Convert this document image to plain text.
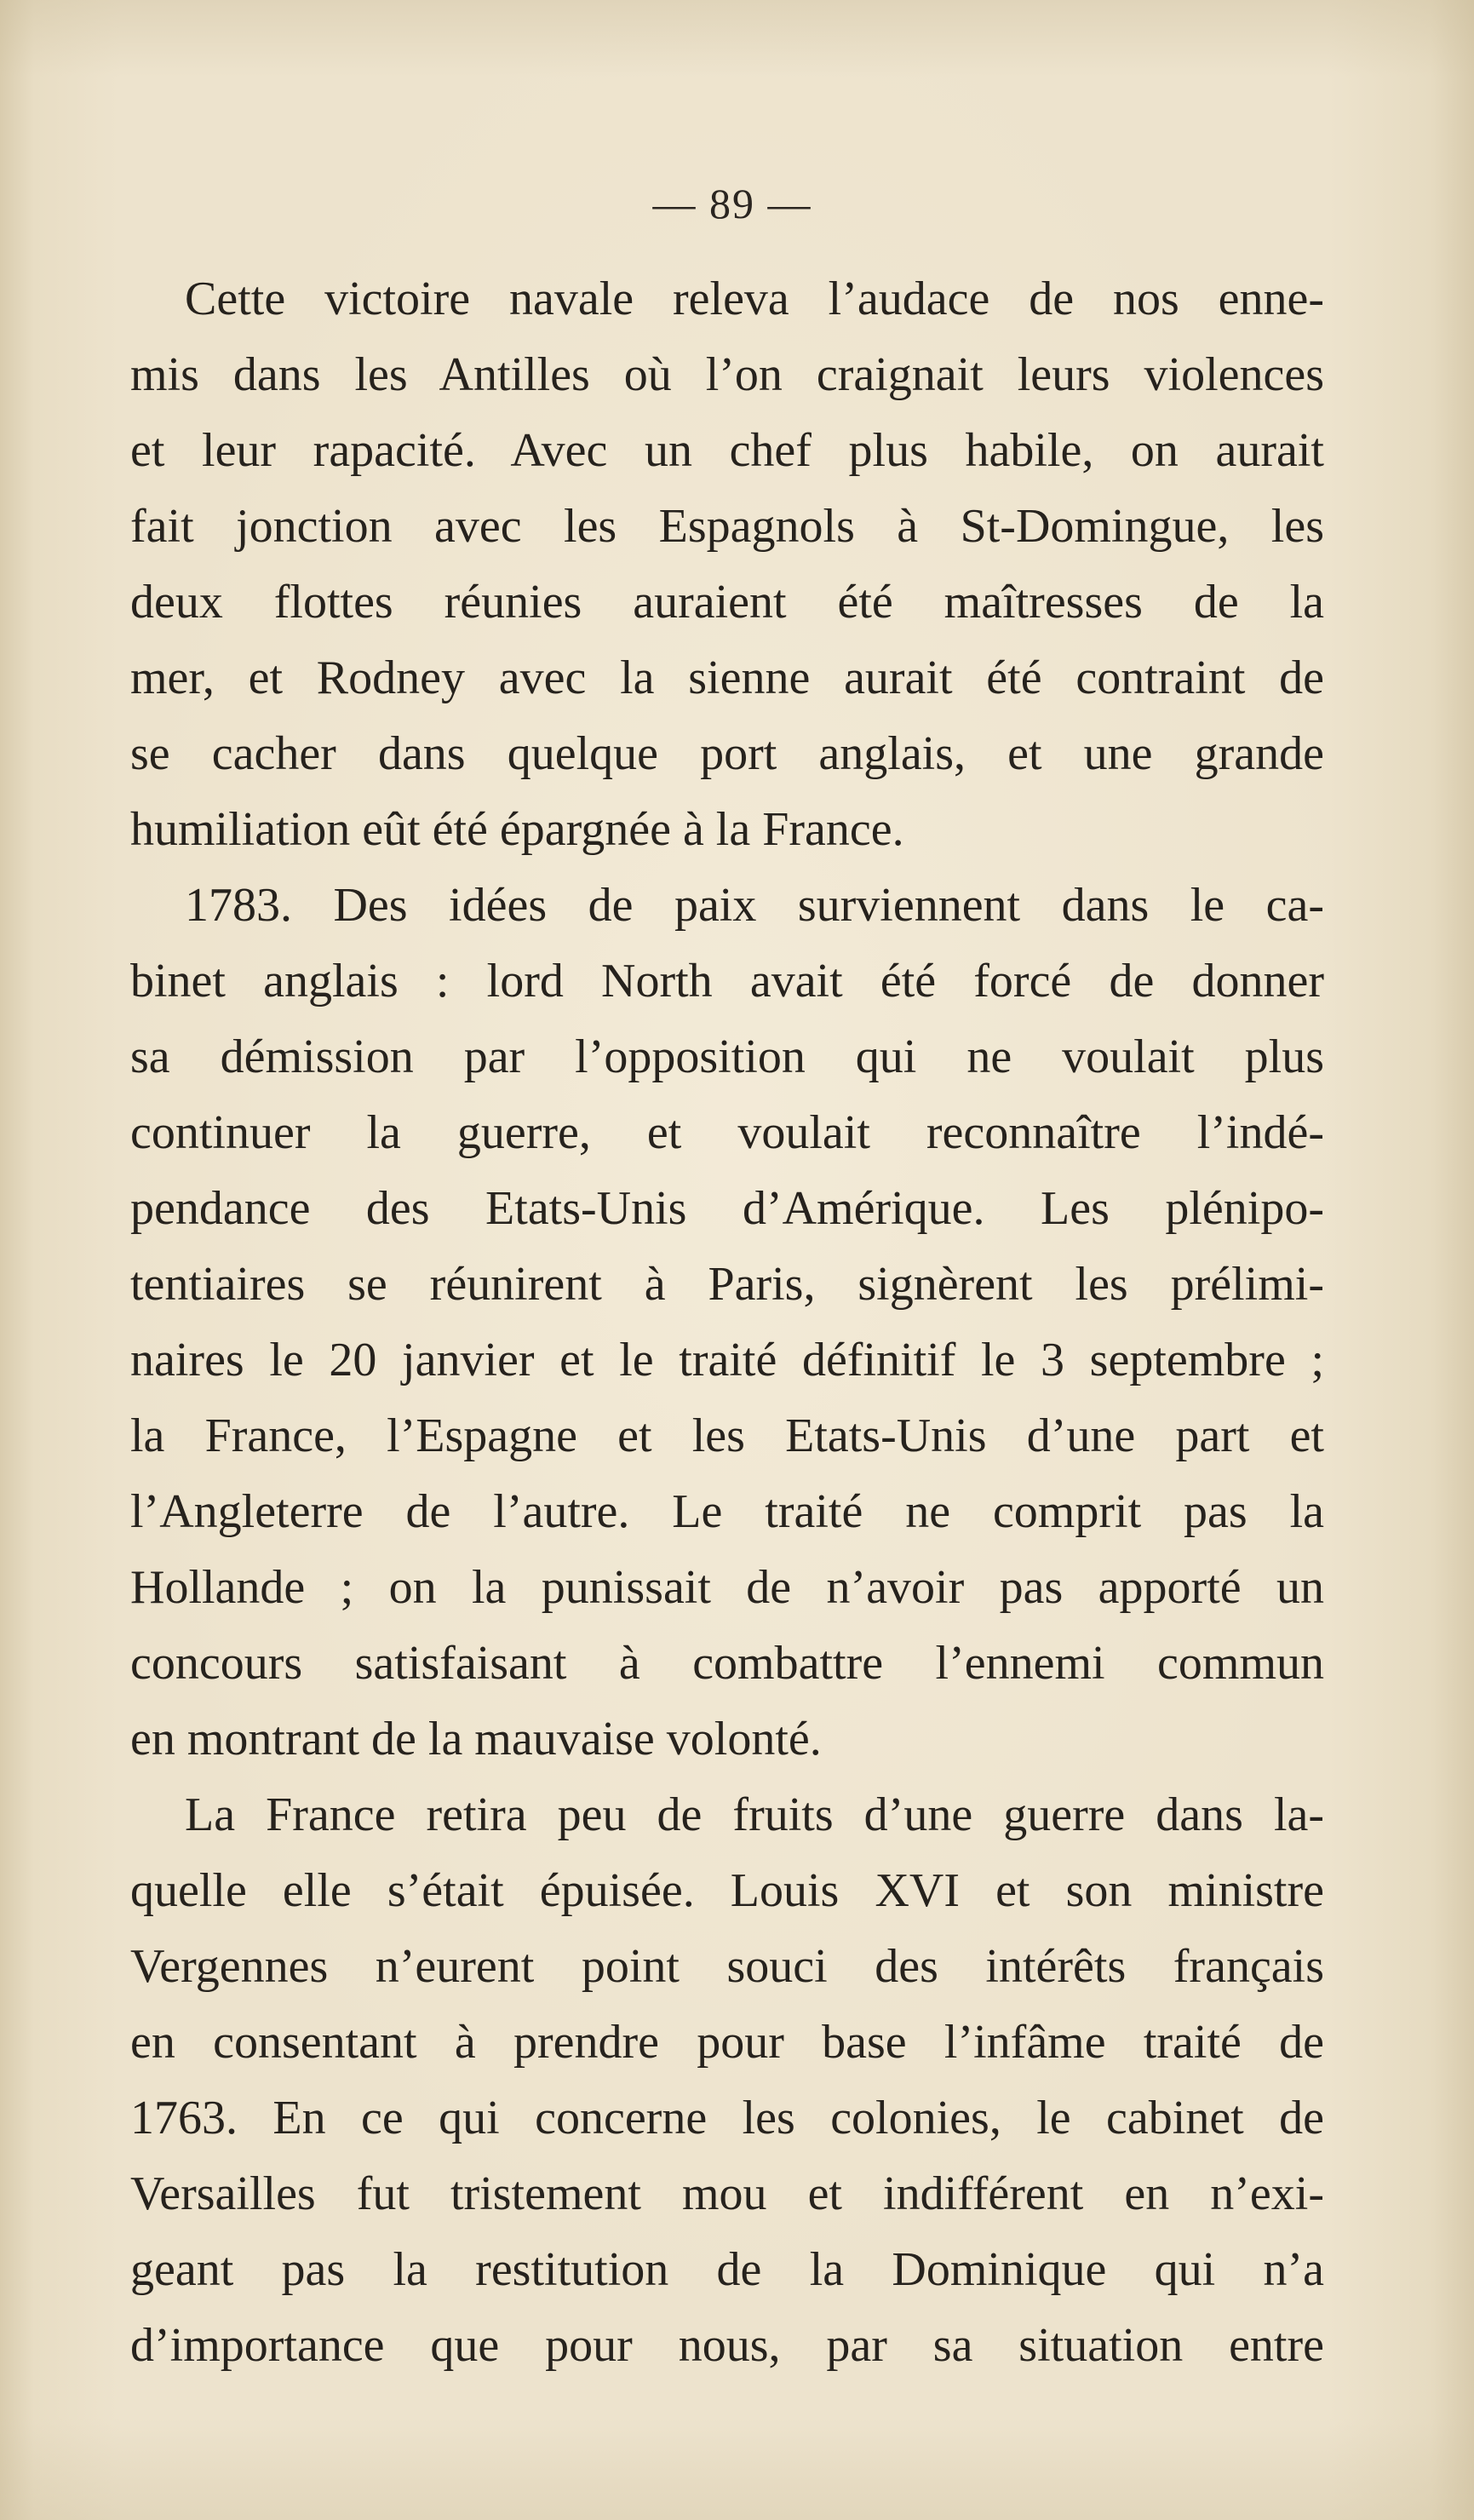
— 89 —
Cette victoire navale releva l’audace de nos enne-
mis dans les Antilles où l’on craignait leurs violences
et leur rapacité. Avec un chef plus habile, on aurait
fait jonction avec les Espagnols à St-Domingue, les
deux flottes réunies auraient été maîtresses de la
mer, et Rodney avec la sienne aurait été contraint de
se cacher dans quelque port anglais, et une grande
humiliation eût été épargnée à la France.
1783. Des idées de paix surviennent dans le ca-
binet anglais : lord North avait été forcé de donner
sa démission par l’opposition qui ne voulait plus
continuer la guerre, et voulait reconnaître l’indé-
pendance des Etats-Unis d’Amérique. Les plénipo-
tentiaires se réunirent à Paris, signèrent les prélimi-
naires le 20 janvier et le traité définitif le 3 septembre ;
la France, l’Espagne et les Etats-Unis d’une part et
l’Angleterre de l’autre. Le traité ne comprit pas la
Hollande ; on la punissait de n’avoir pas apporté un
concours satisfaisant à combattre l’ennemi commun
en montrant de la mauvaise volonté.
La France retira peu de fruits d’une guerre dans la-
quelle elle s’était épuisée. Louis XVI et son ministre
Vergennes n’eurent point souci des intérêts français
en consentant à prendre pour base l’infâme traité de
1763. En ce qui concerne les colonies, le cabinet de
Versailles fut tristement mou et indifférent en n’exi-
geant pas la restitution de la Dominique qui n’a
d’importance que pour nous, par sa situation entre
